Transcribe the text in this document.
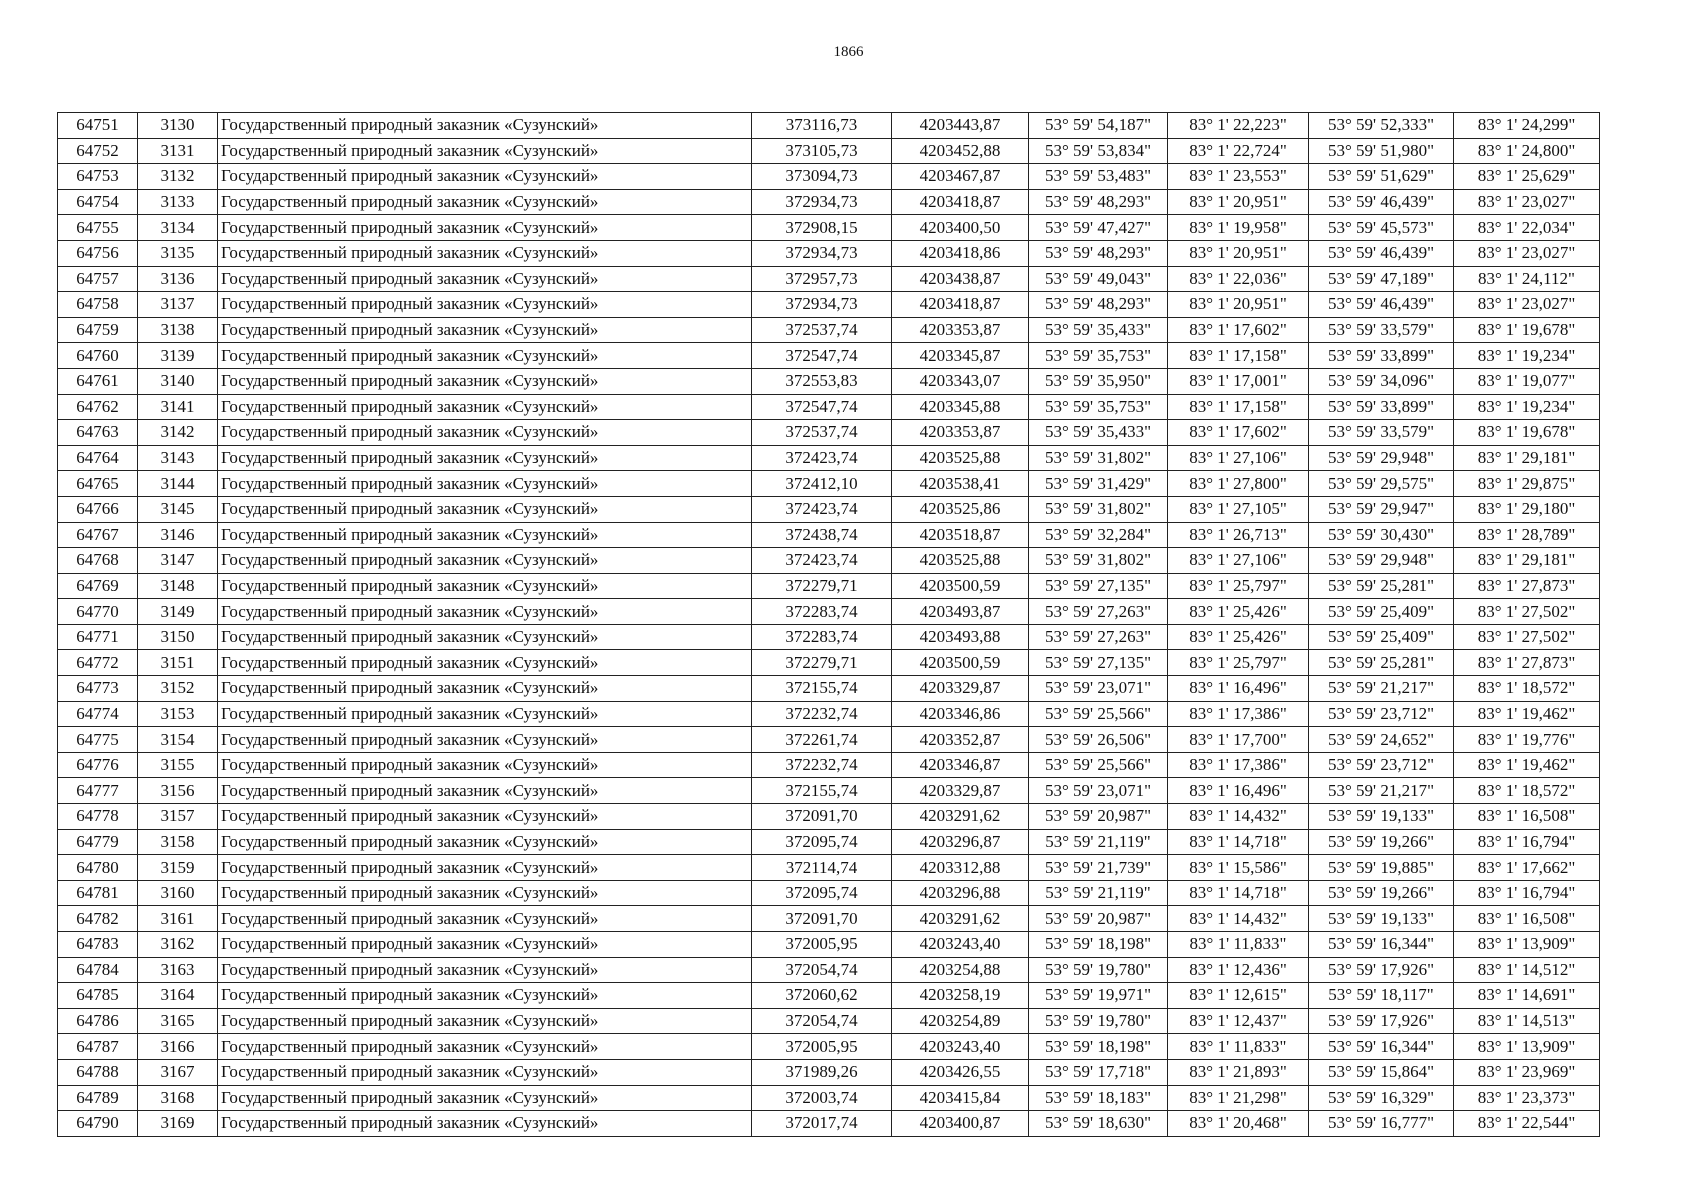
1866
64751	3130	Государственный природный заказник «Сузунский»	373116,73	4203443,87	53° 59' 54,187"	83° 1' 22,223"	53° 59' 52,333"	83° 1' 24,299"
64752	3131	Государственный природный заказник «Сузунский»	373105,73	4203452,88	53° 59' 53,834"	83° 1' 22,724"	53° 59' 51,980"	83° 1' 24,800"
64753	3132	Государственный природный заказник «Сузунский»	373094,73	4203467,87	53° 59' 53,483"	83° 1' 23,553"	53° 59' 51,629"	83° 1' 25,629"
64754	3133	Государственный природный заказник «Сузунский»	372934,73	4203418,87	53° 59' 48,293"	83° 1' 20,951"	53° 59' 46,439"	83° 1' 23,027"
64755	3134	Государственный природный заказник «Сузунский»	372908,15	4203400,50	53° 59' 47,427"	83° 1' 19,958"	53° 59' 45,573"	83° 1' 22,034"
64756	3135	Государственный природный заказник «Сузунский»	372934,73	4203418,86	53° 59' 48,293"	83° 1' 20,951"	53° 59' 46,439"	83° 1' 23,027"
64757	3136	Государственный природный заказник «Сузунский»	372957,73	4203438,87	53° 59' 49,043"	83° 1' 22,036"	53° 59' 47,189"	83° 1' 24,112"
64758	3137	Государственный природный заказник «Сузунский»	372934,73	4203418,87	53° 59' 48,293"	83° 1' 20,951"	53° 59' 46,439"	83° 1' 23,027"
64759	3138	Государственный природный заказник «Сузунский»	372537,74	4203353,87	53° 59' 35,433"	83° 1' 17,602"	53° 59' 33,579"	83° 1' 19,678"
64760	3139	Государственный природный заказник «Сузунский»	372547,74	4203345,87	53° 59' 35,753"	83° 1' 17,158"	53° 59' 33,899"	83° 1' 19,234"
64761	3140	Государственный природный заказник «Сузунский»	372553,83	4203343,07	53° 59' 35,950"	83° 1' 17,001"	53° 59' 34,096"	83° 1' 19,077"
64762	3141	Государственный природный заказник «Сузунский»	372547,74	4203345,88	53° 59' 35,753"	83° 1' 17,158"	53° 59' 33,899"	83° 1' 19,234"
64763	3142	Государственный природный заказник «Сузунский»	372537,74	4203353,87	53° 59' 35,433"	83° 1' 17,602"	53° 59' 33,579"	83° 1' 19,678"
64764	3143	Государственный природный заказник «Сузунский»	372423,74	4203525,88	53° 59' 31,802"	83° 1' 27,106"	53° 59' 29,948"	83° 1' 29,181"
64765	3144	Государственный природный заказник «Сузунский»	372412,10	4203538,41	53° 59' 31,429"	83° 1' 27,800"	53° 59' 29,575"	83° 1' 29,875"
64766	3145	Государственный природный заказник «Сузунский»	372423,74	4203525,86	53° 59' 31,802"	83° 1' 27,105"	53° 59' 29,947"	83° 1' 29,180"
64767	3146	Государственный природный заказник «Сузунский»	372438,74	4203518,87	53° 59' 32,284"	83° 1' 26,713"	53° 59' 30,430"	83° 1' 28,789"
64768	3147	Государственный природный заказник «Сузунский»	372423,74	4203525,88	53° 59' 31,802"	83° 1' 27,106"	53° 59' 29,948"	83° 1' 29,181"
64769	3148	Государственный природный заказник «Сузунский»	372279,71	4203500,59	53° 59' 27,135"	83° 1' 25,797"	53° 59' 25,281"	83° 1' 27,873"
64770	3149	Государственный природный заказник «Сузунский»	372283,74	4203493,87	53° 59' 27,263"	83° 1' 25,426"	53° 59' 25,409"	83° 1' 27,502"
64771	3150	Государственный природный заказник «Сузунский»	372283,74	4203493,88	53° 59' 27,263"	83° 1' 25,426"	53° 59' 25,409"	83° 1' 27,502"
64772	3151	Государственный природный заказник «Сузунский»	372279,71	4203500,59	53° 59' 27,135"	83° 1' 25,797"	53° 59' 25,281"	83° 1' 27,873"
64773	3152	Государственный природный заказник «Сузунский»	372155,74	4203329,87	53° 59' 23,071"	83° 1' 16,496"	53° 59' 21,217"	83° 1' 18,572"
64774	3153	Государственный природный заказник «Сузунский»	372232,74	4203346,86	53° 59' 25,566"	83° 1' 17,386"	53° 59' 23,712"	83° 1' 19,462"
64775	3154	Государственный природный заказник «Сузунский»	372261,74	4203352,87	53° 59' 26,506"	83° 1' 17,700"	53° 59' 24,652"	83° 1' 19,776"
64776	3155	Государственный природный заказник «Сузунский»	372232,74	4203346,87	53° 59' 25,566"	83° 1' 17,386"	53° 59' 23,712"	83° 1' 19,462"
64777	3156	Государственный природный заказник «Сузунский»	372155,74	4203329,87	53° 59' 23,071"	83° 1' 16,496"	53° 59' 21,217"	83° 1' 18,572"
64778	3157	Государственный природный заказник «Сузунский»	372091,70	4203291,62	53° 59' 20,987"	83° 1' 14,432"	53° 59' 19,133"	83° 1' 16,508"
64779	3158	Государственный природный заказник «Сузунский»	372095,74	4203296,87	53° 59' 21,119"	83° 1' 14,718"	53° 59' 19,266"	83° 1' 16,794"
64780	3159	Государственный природный заказник «Сузунский»	372114,74	4203312,88	53° 59' 21,739"	83° 1' 15,586"	53° 59' 19,885"	83° 1' 17,662"
64781	3160	Государственный природный заказник «Сузунский»	372095,74	4203296,88	53° 59' 21,119"	83° 1' 14,718"	53° 59' 19,266"	83° 1' 16,794"
64782	3161	Государственный природный заказник «Сузунский»	372091,70	4203291,62	53° 59' 20,987"	83° 1' 14,432"	53° 59' 19,133"	83° 1' 16,508"
64783	3162	Государственный природный заказник «Сузунский»	372005,95	4203243,40	53° 59' 18,198"	83° 1' 11,833"	53° 59' 16,344"	83° 1' 13,909"
64784	3163	Государственный природный заказник «Сузунский»	372054,74	4203254,88	53° 59' 19,780"	83° 1' 12,436"	53° 59' 17,926"	83° 1' 14,512"
64785	3164	Государственный природный заказник «Сузунский»	372060,62	4203258,19	53° 59' 19,971"	83° 1' 12,615"	53° 59' 18,117"	83° 1' 14,691"
64786	3165	Государственный природный заказник «Сузунский»	372054,74	4203254,89	53° 59' 19,780"	83° 1' 12,437"	53° 59' 17,926"	83° 1' 14,513"
64787	3166	Государственный природный заказник «Сузунский»	372005,95	4203243,40	53° 59' 18,198"	83° 1' 11,833"	53° 59' 16,344"	83° 1' 13,909"
64788	3167	Государственный природный заказник «Сузунский»	371989,26	4203426,55	53° 59' 17,718"	83° 1' 21,893"	53° 59' 15,864"	83° 1' 23,969"
64789	3168	Государственный природный заказник «Сузунский»	372003,74	4203415,84	53° 59' 18,183"	83° 1' 21,298"	53° 59' 16,329"	83° 1' 23,373"
64790	3169	Государственный природный заказник «Сузунский»	372017,74	4203400,87	53° 59' 18,630"	83° 1' 20,468"	53° 59' 16,777"	83° 1' 22,544"
